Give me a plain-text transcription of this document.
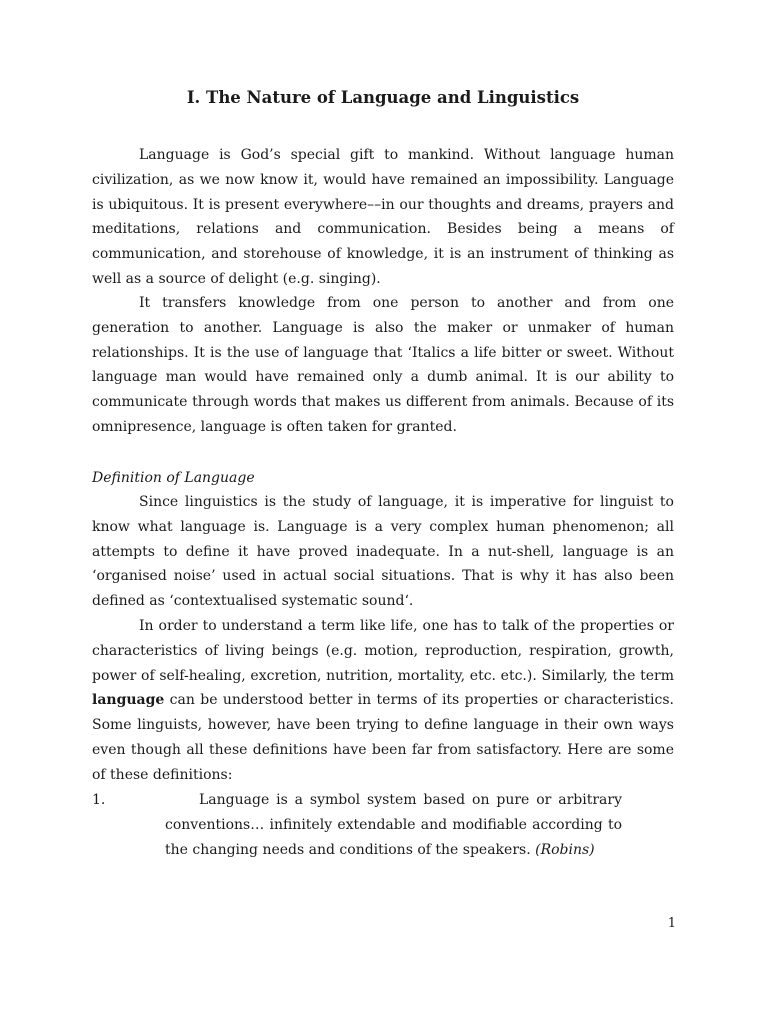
I. The Nature of Language and Linguistics

Language is God’s special gift to mankind. Without language human civilization, as we now know it, would have remained an impossibility. Language is ubiquitous. It is present everywhere––in our thoughts and dreams, prayers and meditations, relations and communication. Besides being a means of communication, and storehouse of knowledge, it is an instrument of thinking as well as a source of delight (e.g. singing).

It transfers knowledge from one person to another and from one generation to another. Language is also the maker or unmaker of human relationships. It is the use of language that ‘Italics a life bitter or sweet. Without language man would have remained only a dumb animal. It is our ability to communicate through words that makes us different from animals. Because of its omnipresence, language is often taken for granted.

Definition of Language

Since linguistics is the study of language, it is imperative for linguist to know what language is. Language is a very complex human phenomenon; all attempts to define it have proved inadequate. In a nut-shell, language is an ‘organised noise’ used in actual social situations. That is why it has also been defined as ‘contextualised systematic sound‘.

In order to understand a term like life, one has to talk of the properties or characteristics of living beings (e.g. motion, reproduction, respiration, growth, power of self-healing, excretion, nutrition, mortality, etc. etc.). Similarly, the term language can be understood better in terms of its properties or characteristics. Some linguists, however, have been trying to define language in their own ways even though all these definitions have been far from satisfactory. Here are some of these definitions:

1.	Language is a symbol system based on pure or arbitrary conventions… infinitely extendable and modifiable according to the changing needs and conditions of the speakers. (Robins)
1
